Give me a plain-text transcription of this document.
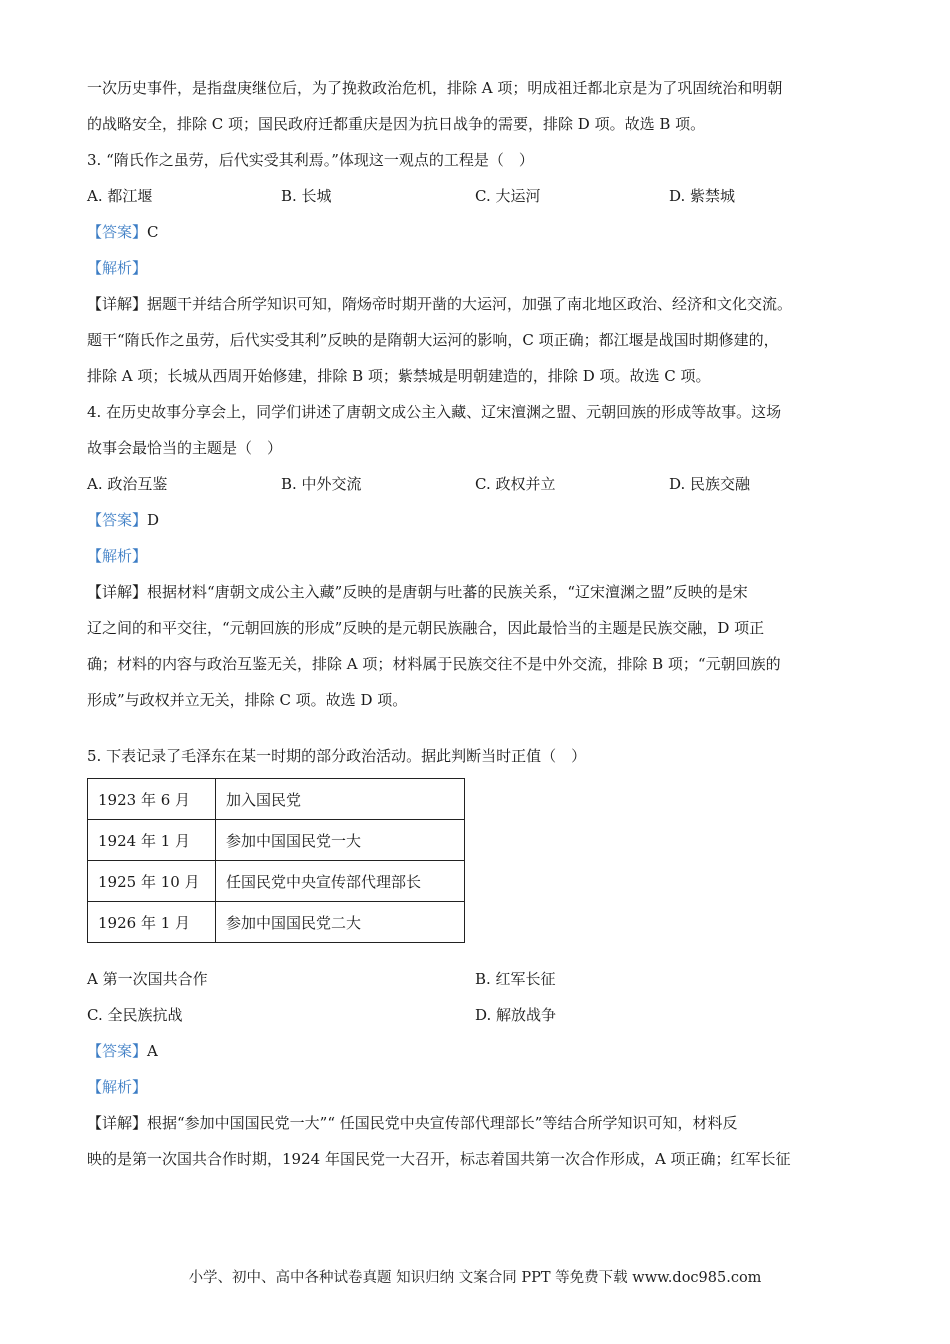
一次历史事件，是指盘庚继位后，为了挽救政治危机，排除 A 项；明成祖迁都北京是为了巩固统治和明朝

的战略安全，排除 C 项；国民政府迁都重庆是因为抗日战争的需要，排除 D 项。故选 B 项。

3. “隋氏作之虽劳，后代实受其利焉。”体现这一观点的工程是（　）

A. 都江堰	B. 长城	C. 大运河	D. 紫禁城

【答案】C

【解析】

【详解】据题干并结合所学知识可知，隋炀帝时期开凿的大运河，加强了南北地区政治、经济和文化交流。

题干“隋氏作之虽劳，后代实受其利”反映的是隋朝大运河的影响，C 项正确；都江堰是战国时期修建的，

排除 A 项；长城从西周开始修建，排除 B 项；紫禁城是明朝建造的，排除 D 项。故选 C 项。

4. 在历史故事分享会上，同学们讲述了唐朝文成公主入藏、辽宋澶渊之盟、元朝回族的形成等故事。这场

故事会最恰当的主题是（　）

A. 政治互鉴	B. 中外交流	C. 政权并立	D. 民族交融

【答案】D

【解析】

【详解】根据材料“唐朝文成公主入藏”反映的是唐朝与吐蕃的民族关系，“辽宋澶渊之盟”反映的是宋

辽之间的和平交往，“元朝回族的形成”反映的是元朝民族融合，因此最恰当的主题是民族交融，D 项正

确；材料的内容与政治互鉴无关，排除 A 项；材料属于民族交往不是中外交流，排除 B 项；“元朝回族的

形成”与政权并立无关，排除 C 项。故选 D 项。

5. 下表记录了毛泽东在某一时期的部分政治活动。据此判断当时正值（　）

1923 年 6 月	加入国民党
1924 年 1 月	参加中国国民党一大
1925 年 10 月	任国民党中央宣传部代理部长
1926 年 1 月	参加中国国民党二大
A 第一次国共合作	B. 红军长征
C. 全民族抗战	D. 解放战争

【答案】A

【解析】

【详解】根据“参加中国国民党一大”“ 任国民党中央宣传部代理部长”等结合所学知识可知，材料反

映的是第一次国共合作时期，1924 年国民党一大召开，标志着国共第一次合作形成，A 项正确；红军长征

小学、初中、高中各种试卷真题 知识归纳 文案合同 PPT 等免费下载 www.doc985.com
